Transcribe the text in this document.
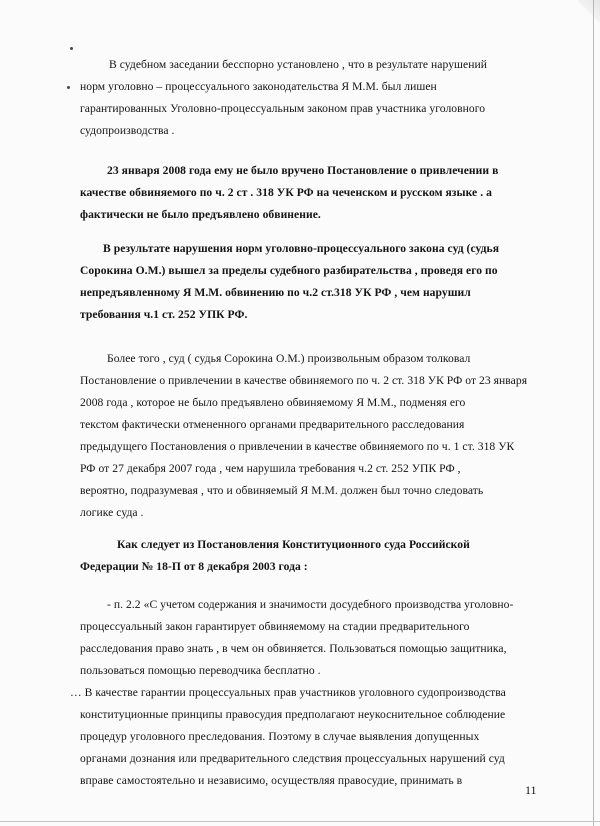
В судебном заседании бесспорно установлено , что в результате нарушений
норм уголовно – процессуального законодательства Я М.М. был лишен
гарантированных Уголовно-процессуальным законом прав участника уголовного
судопроизводства .
23 января 2008 года ему не было вручено Постановление о привлечении в
качестве обвиняемого по ч. 2 ст . 318 УК РФ на чеченском и русском языке . а
фактически не было предъявлено обвинение.
В результате нарушения норм уголовно-процессуального закона суд (судья
Сорокина О.М.) вышел за пределы судебного разбирательства , проведя его по
непредъявленному Я М.М. обвинению по ч.2 ст.318 УК РФ , чем нарушил
требования ч.1 ст. 252 УПК РФ.
Более того , суд ( судья Сорокина О.М.) произвольным образом толковал
Постановление о привлечении в качестве обвиняемого по ч. 2 ст. 318 УК РФ от 23 января
2008 года , которое не было предъявлено обвиняемому Я М.М., подменяя его
текстом фактически отмененного органами предварительного расследования
предыдущего Постановления о привлечении в качестве обвиняемого по ч. 1 ст. 318 УК
РФ от 27 декабря 2007 года , чем нарушила требования ч.2 ст. 252 УПК РФ ,
вероятно, подразумевая , что и обвиняемый Я М.М. должен был точно следовать
логике суда .
Как следует из Постановления Конституционного суда Российской
Федерации № 18-П от 8 декабря 2003 года :
- п. 2.2 «С учетом содержания и значимости досудебного производства уголовно-
процессуальный закон гарантирует обвиняемому на стадии предварительного
расследования право знать , в чем он обвиняется. Пользоваться помощью защитника,
пользоваться помощью переводчика бесплатно .
… В качестве гарантии процессуальных прав участников уголовного судопроизводства
конституционные принципы правосудия предполагают неукоснительное соблюдение
процедур уголовного преследования. Поэтому в случае выявления допущенных
органами дознания или предварительного следствия процессуальных нарушений суд
вправе самостоятельно и независимо, осуществляя правосудие, принимать в
11
